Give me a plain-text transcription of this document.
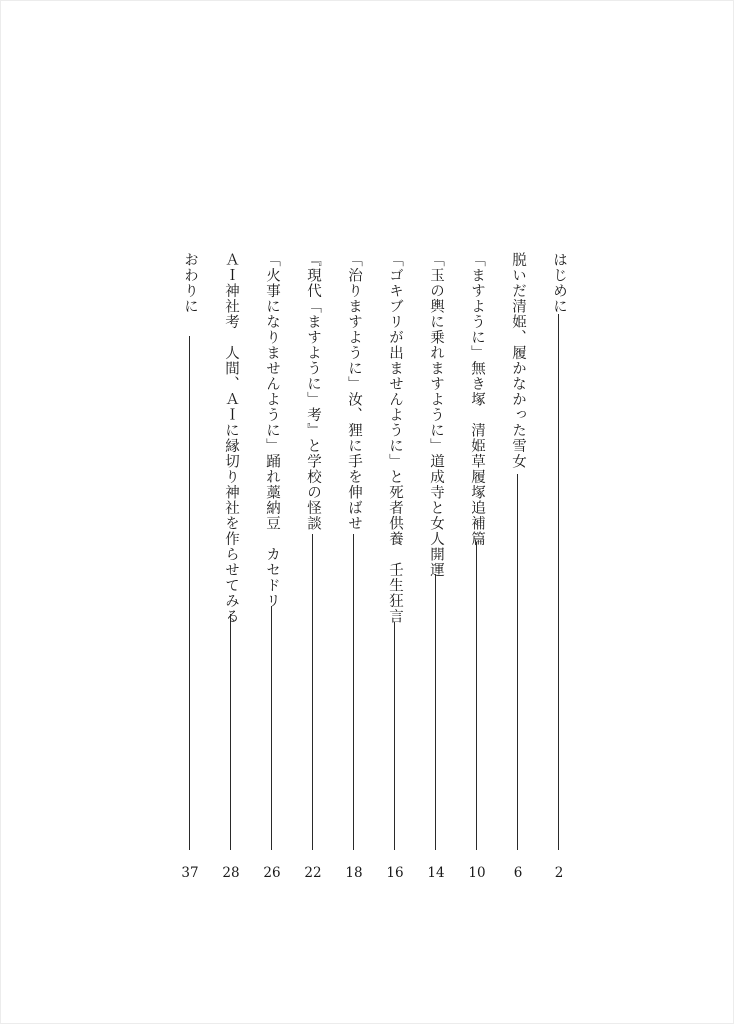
はじめに
2
脱いだ清姫、履かなかった雪女
6
「ますように」無き塚　清姫草履塚追補篇
10
「玉の輿に乗れますように」道成寺と女人開運
14
「ゴキブリが出ませんように」と死者供養　壬生狂言
16
「治りますように」汝、狸に手を伸ばせ
18
『現代「ますように」考』と学校の怪談
22
「火事になりませんように」踊れ藁納豆　カセドリ
26
ＡＩ神社考　人間、ＡＩに縁切り神社を作らせてみる
28
おわりに
37
